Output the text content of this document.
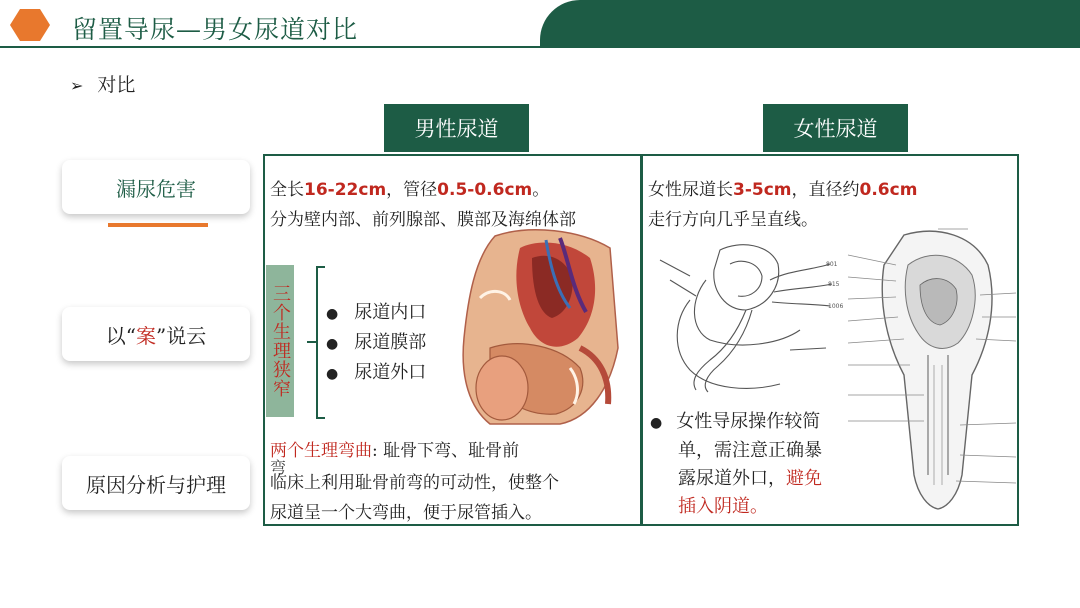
留置导尿—男女尿道对比
➢ 对比
漏尿危害
以“ 案 ”说云
原因分析与护理
男性尿道	女性尿道
全长16-22cm，管径0.5-0.6cm。
分为壁内部、前列腺部、膜部及海绵体部
三个生理狭窄	● 尿道内口
● 尿道膜部
● 尿道外口
两个生理弯曲: 耻骨下弯、耻骨前
弯
临床上利用耻骨前弯的可动性，使整个
尿道呈一个大弯曲，便于尿管插入。
女性尿道长3-5cm，直径约0.6cm
走行方向几乎呈直线。
801
815
1006
● 女性导尿操作较简
单，需注意正确暴
露尿道外口，避免
插入阴道。
